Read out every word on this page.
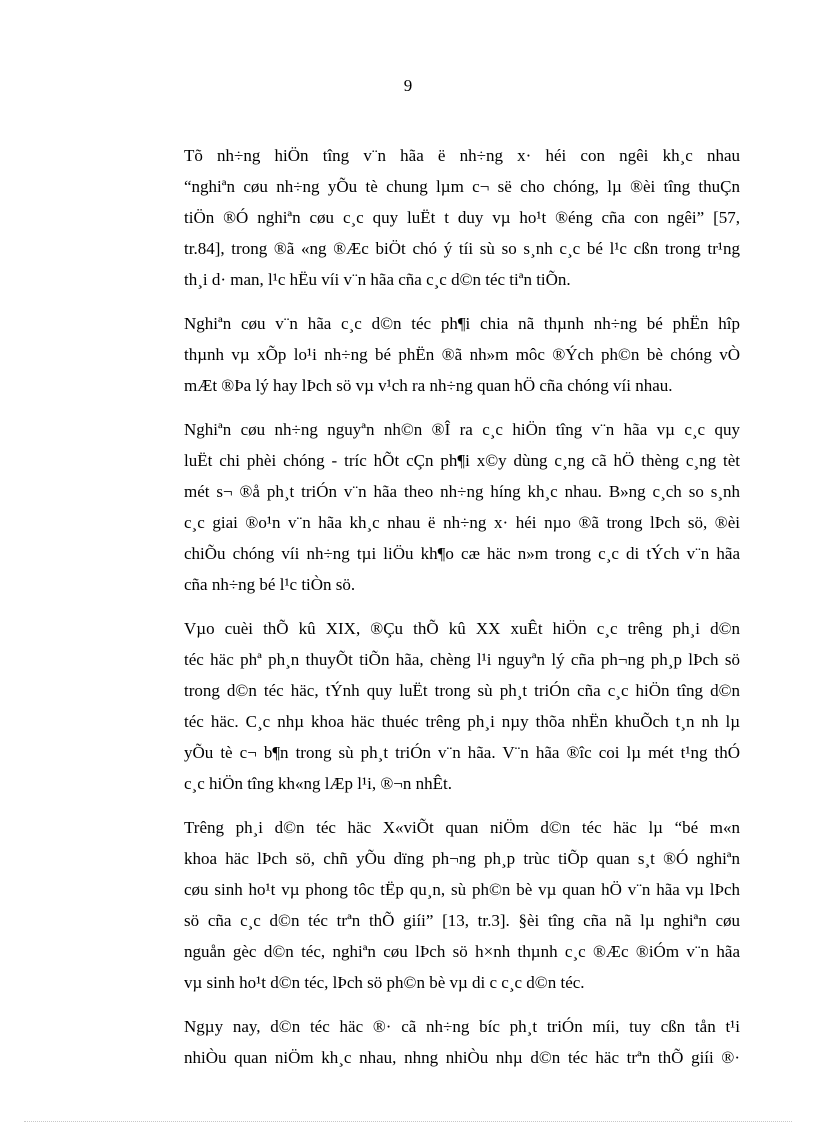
9

Tõ nh÷ng hiÖn tîng v¨n hãa ë nh÷ng x· héi con ngêi kh¸c nhau
“nghiªn cøu nh÷ng yÕu tè chung lµm c¬ së cho chóng, lµ ®èi tîng thuÇn
tiÖn ®Ó nghiªn cøu c¸c quy luËt t duy vµ ho¹t ®éng cña con ngêi” [57,
tr.84], trong ®ã «ng ®Æc biÖt chó ý tíi sù so s¸nh c¸c bé l¹c cßn trong tr¹ng
th¸i d· man, l¹c hËu víi v¨n hãa cña c¸c d©n téc tiªn tiÕn.

Nghiªn cøu v¨n hãa c¸c d©n téc ph¶i chia nã thµnh nh÷ng bé phËn hîp
thµnh vµ xÕp lo¹i nh÷ng bé phËn ®ã nh»m môc ®Ých ph©n bè chóng vÒ
mÆt ®Þa lý hay lÞch sö vµ v¹ch ra nh÷ng quan hÖ cña chóng víi nhau.

Nghiªn cøu nh÷ng nguyªn nh©n ®Î ra c¸c hiÖn tîng v¨n hãa vµ c¸c quy
luËt chi phèi chóng - tríc hÕt cÇn ph¶i x©y dùng c¸ng cã hÖ thèng c¸ng tèt
mét s¬ ®å ph¸t triÓn v¨n hãa theo nh÷ng híng kh¸c nhau. B»ng c¸ch so s¸nh
c¸c giai ®o¹n v¨n hãa kh¸c nhau ë nh÷ng x· héi nµo ®ã trong lÞch sö, ®èi
chiÕu chóng víi nh÷ng tµi liÖu kh¶o cæ häc n»m trong c¸c di tÝch v¨n hãa
cña nh÷ng bé l¹c tiÒn sö.

Vµo cuèi thÕ kû XIX, ®Çu thÕ kû XX xuÊt hiÖn c¸c trêng ph¸i d©n
téc häc phª ph¸n thuyÕt tiÕn hãa, chèng l¹i nguyªn lý cña ph¬ng ph¸p lÞch sö
trong d©n téc häc, tÝnh quy luËt trong sù ph¸t triÓn cña c¸c hiÖn tîng d©n
téc häc. C¸c nhµ khoa häc thuéc trêng ph¸i nµy thõa nhËn khuÕch t¸n nh lµ
yÕu tè c¬ b¶n trong sù ph¸t triÓn v¨n hãa. V¨n hãa ®îc coi lµ mét t¹ng thÓ
c¸c hiÖn tîng kh«ng lÆp l¹i, ®¬n nhÊt.

Trêng ph¸i d©n téc häc X«viÕt quan niÖm d©n téc häc lµ “bé m«n
khoa häc lÞch sö, chñ yÕu dïng ph¬ng ph¸p trùc tiÕp quan s¸t ®Ó nghiªn
cøu sinh ho¹t vµ phong tôc tËp qu¸n, sù ph©n bè vµ quan hÖ v¨n hãa vµ lÞch
sö cña c¸c d©n téc trªn thÕ giíi” [13, tr.3]. §èi tîng cña nã lµ nghiªn cøu
nguån gèc d©n téc, nghiªn cøu lÞch sö h×nh thµnh c¸c ®Æc ®iÓm v¨n hãa
vµ sinh ho¹t d©n téc, lÞch sö ph©n bè vµ di c c¸c d©n téc.

Ngµy nay, d©n téc häc ®· cã nh÷ng bíc ph¸t triÓn míi, tuy cßn tån t¹i
nhiÒu quan niÖm kh¸c nhau, nhng nhiÒu nhµ d©n téc häc trªn thÕ giíi ®·
